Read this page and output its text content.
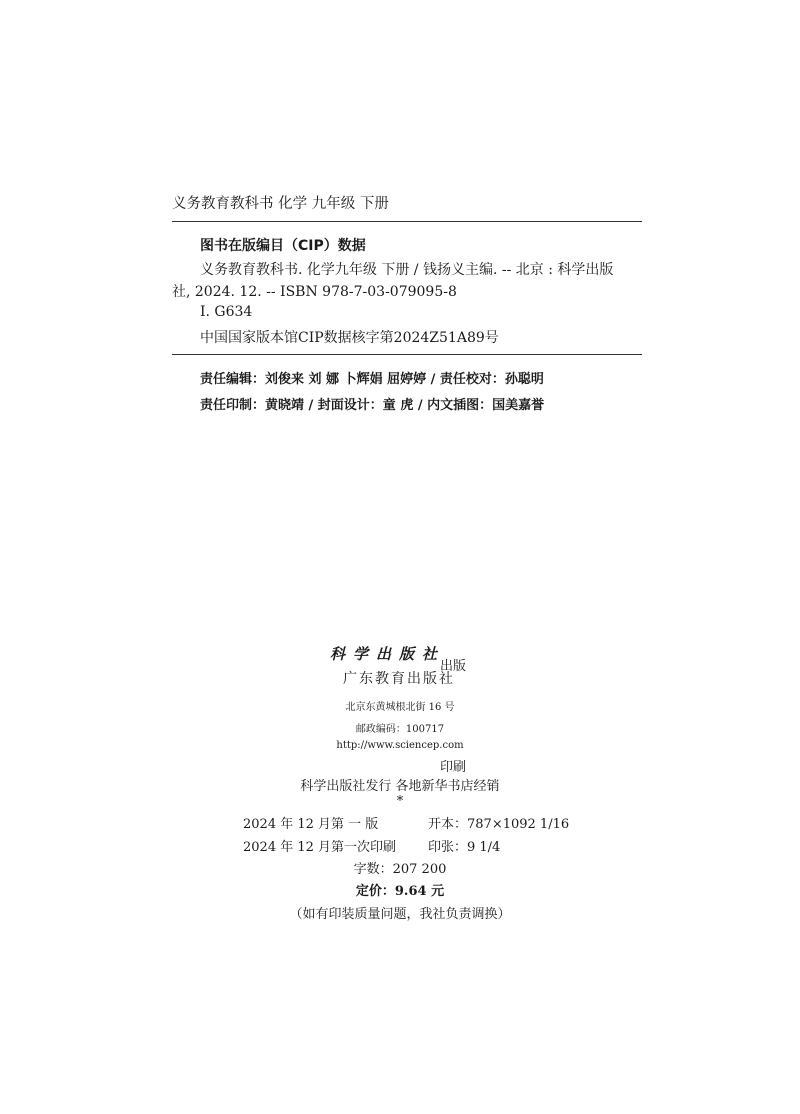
义务教育教科书 化学 九年级 下册
图书在版编目（CIP）数据
义务教育教科书. 化学九年级 下册 / 钱扬义主编. -- 北京 : 科学出版
社, 2024. 12. -- ISBN 978-7-03-079095-8
Ⅰ. G634
中国国家版本馆CIP数据核字第2024Z51A89号
责任编辑：刘俊来 刘 娜 卜辉娟 屈婷婷 / 责任校对：孙聪明
责任印制：黄晓靖 / 封面设计：童 虎 / 内文插图：国美嘉誉
科学出版社
出版
广东教育出版社
北京东黄城根北街 16 号
邮政编码：100717
http://www.sciencep.com
印刷
科学出版社发行 各地新华书店经销
*
2024 年 12 月第 一 版	开本：787×1092 1/16
2024 年 12 月第一次印刷 印张：9 1/4
字数：207 200
定价：9.64 元
（如有印装质量问题，我社负责调换）
